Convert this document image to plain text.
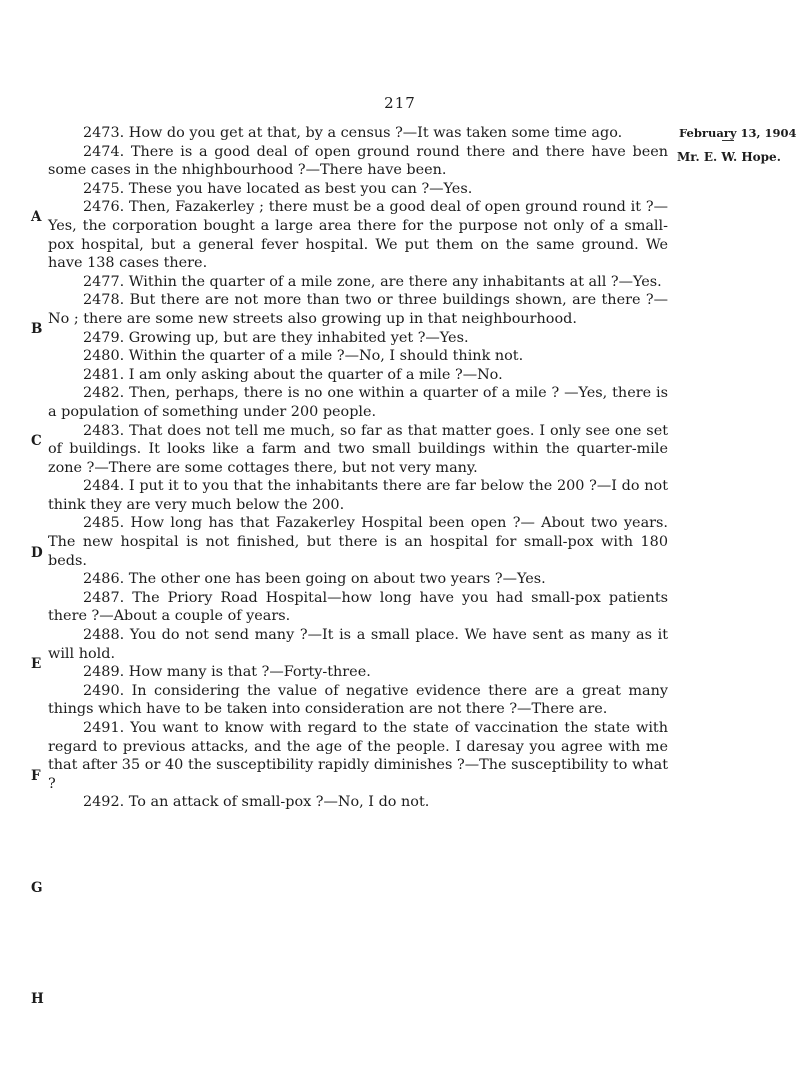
217
February 13, 1904
Mr. E. W. Hope.
A
B
C
D
E
F
G
H

2473. How do you get at that, by a census ?—It was taken some time ago.

2474. There is a good deal of open ground round there and there have been some cases in the nhighbourhood ?—There have been.

2475. These you have located as best you can ?—Yes.

2476. Then, Fazakerley ; there must be a good deal of open ground round it ?—Yes, the corporation bought a large area there for the purpose not only of a small-pox hospital, but a general fever hospital. We put them on the same ground. We have 138 cases there.

2477. Within the quarter of a mile zone, are there any inhabitants at all ?—Yes.

2478. But there are not more than two or three buildings shown, are there ?—No ; there are some new streets also growing up in that neighbourhood.

2479. Growing up, but are they inhabited yet ?—Yes.

2480. Within the quarter of a mile ?—No, I should think not.

2481. I am only asking about the quarter of a mile ?—No.

2482. Then, perhaps, there is no one within a quarter of a mile ? —Yes, there is a population of something under 200 people.

2483. That does not tell me much, so far as that matter goes. I only see one set of buildings. It looks like a farm and two small buildings within the quarter-mile zone ?—There are some cottages there, but not very many.

2484. I put it to you that the inhabitants there are far below the 200 ?—I do not think they are very much below the 200.

2485. How long has that Fazakerley Hospital been open ?— About two years. The new hospital is not finished, but there is an hospital for small-pox with 180 beds.

2486. The other one has been going on about two years ?—Yes.

2487. The Priory Road Hospital—how long have you had small-pox patients there ?—About a couple of years.

2488. You do not send many ?—It is a small place. We have sent as many as it will hold.

2489. How many is that ?—Forty-three.

2490. In considering the value of negative evidence there are a great many things which have to be taken into consideration are not there ?—There are.

2491. You want to know with regard to the state of vaccination the state with regard to previous attacks, and the age of the people. I daresay you agree with me that after 35 or 40 the susceptibility rapidly diminishes ?—The susceptibility to what ?

2492. To an attack of small-pox ?—No, I do not.
